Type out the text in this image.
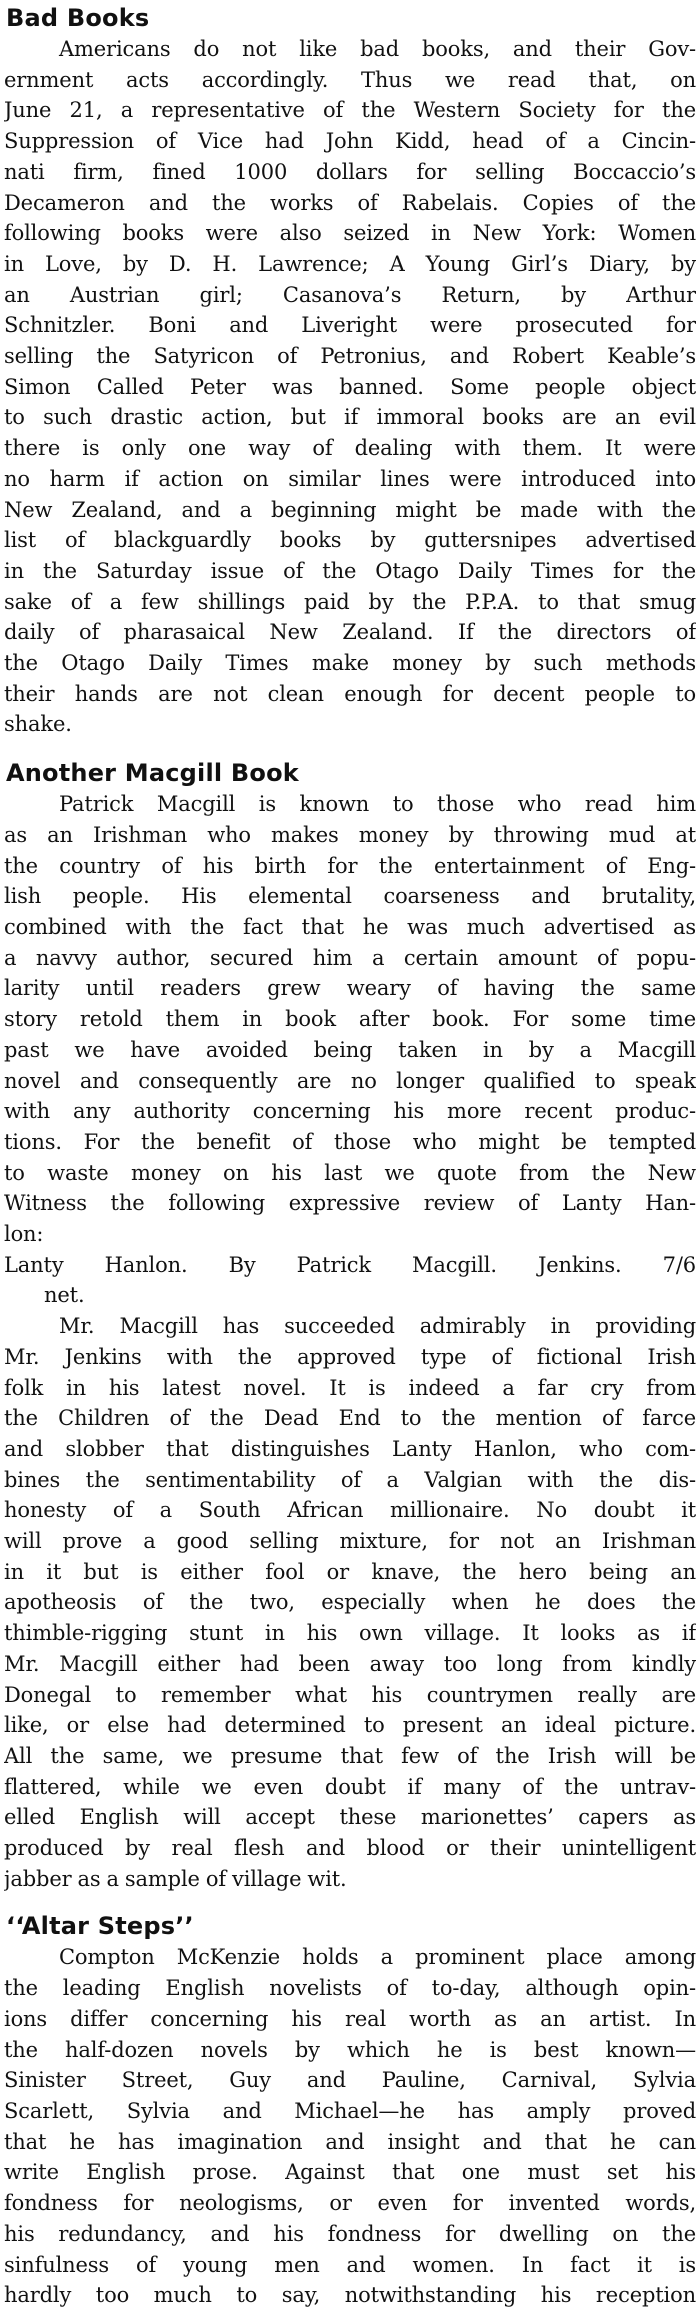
Bad Books
Americans do not like bad books, and their Gov-
ernment acts accordingly. Thus we read that, on
June 21, a representative of the Western Society for the
Suppression of Vice had John Kidd, head of a Cincin-
nati firm, fined 1000 dollars for selling Boccaccio’s
Decameron and the works of Rabelais. Copies of the
following books were also seized in New York: Women
in Love, by D. H. Lawrence; A Young Girl’s Diary, by
an Austrian girl; Casanova’s Return, by Arthur
Schnitzler. Boni and Liveright were prosecuted for
selling the Satyricon of Petronius, and Robert Keable’s
Simon Called Peter was banned. Some people object
to such drastic action, but if immoral books are an evil
there is only one way of dealing with them. It were
no harm if action on similar lines were introduced into
New Zealand, and a beginning might be made with the
list of blackguardly books by guttersnipes advertised
in the Saturday issue of the Otago Daily Times for the
sake of a few shillings paid by the P.P.A. to that smug
daily of pharasaical New Zealand. If the directors of
the Otago Daily Times make money by such methods
their hands are not clean enough for decent people to
shake.
Another Macgill Book
Patrick Macgill is known to those who read him
as an Irishman who makes money by throwing mud at
the country of his birth for the entertainment of Eng-
lish people. His elemental coarseness and brutality,
combined with the fact that he was much advertised as
a navvy author, secured him a certain amount of popu-
larity until readers grew weary of having the same
story retold them in book after book. For some time
past we have avoided being taken in by a Macgill
novel and consequently are no longer qualified to speak
with any authority concerning his more recent produc-
tions. For the benefit of those who might be tempted
to waste money on his last we quote from the New
Witness the following expressive review of Lanty Han-
lon:
Lanty Hanlon. By Patrick Macgill. Jenkins. 7/6
net.
Mr. Macgill has succeeded admirably in providing
Mr. Jenkins with the approved type of fictional Irish
folk in his latest novel. It is indeed a far cry from
the Children of the Dead End to the mention of farce
and slobber that distinguishes Lanty Hanlon, who com-
bines the sentimentability of a Valgian with the dis-
honesty of a South African millionaire. No doubt it
will prove a good selling mixture, for not an Irishman
in it but is either fool or knave, the hero being an
apotheosis of the two, especially when he does the
thimble-rigging stunt in his own village. It looks as if
Mr. Macgill either had been away too long from kindly
Donegal to remember what his countrymen really are
like, or else had determined to present an ideal picture.
All the same, we presume that few of the Irish will be
flattered, while we even doubt if many of the untrav-
elled English will accept these marionettes’ capers as
produced by real flesh and blood or their unintelligent
jabber as a sample of village wit.
‘‘Altar Steps’’
Compton McKenzie holds a prominent place among
the leading English novelists of to-day, although opin-
ions differ concerning his real worth as an artist. In
the half-dozen novels by which he is best known—
Sinister Street, Guy and Pauline, Carnival, Sylvia
Scarlett, Sylvia and Michael—he has amply proved
that he has imagination and insight and that he can
write English prose. Against that one must set his
fondness for neologisms, or even for invented words,
his redundancy, and his fondness for dwelling on the
sinfulness of young men and women. In fact it is
hardly too much to say, notwithstanding his reception
